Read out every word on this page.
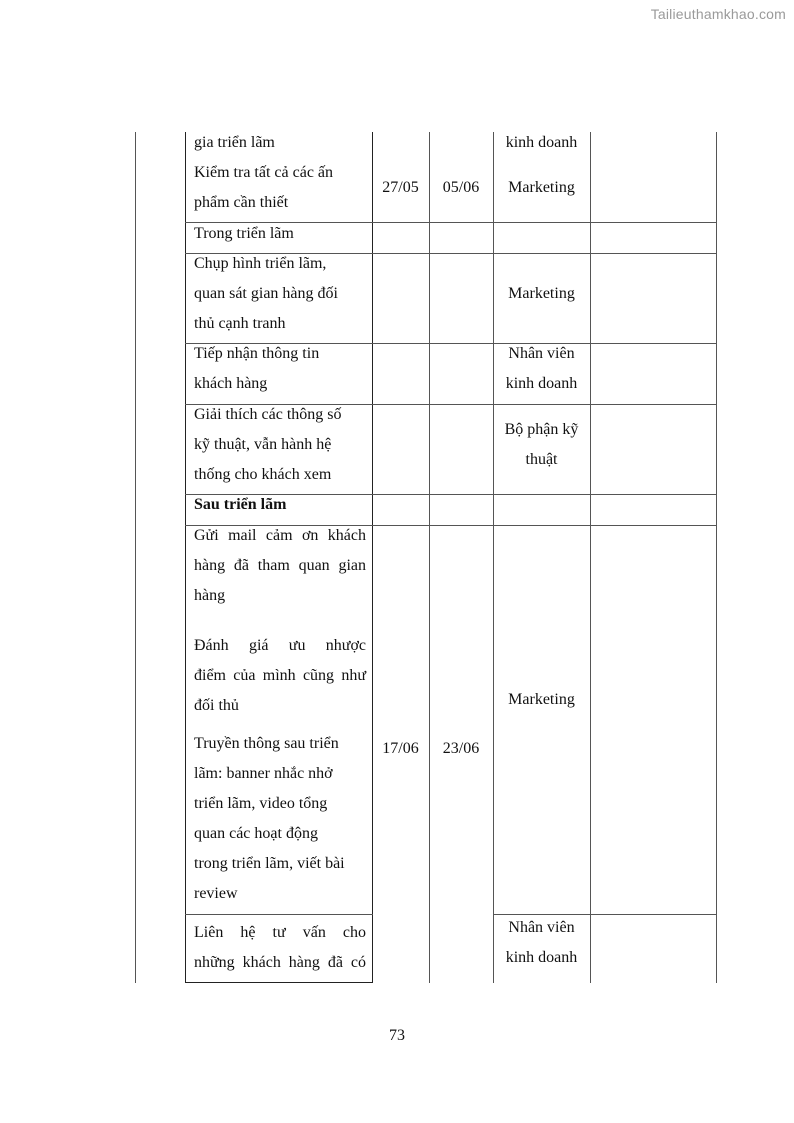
Tailieuthamkhao.com
gia triển lãm
Kiểm tra tất cả các ấn
phẩm cần thiết
27/05	05/06
kinh doanh
Marketing
Trong triển lãm
Chụp hình triển lãm,
quan sát gian hàng đối
thủ cạnh tranh
Marketing
Tiếp nhận thông tin
khách hàng
Nhân viên
kinh doanh
Giải thích các thông số
kỹ thuật, vẫn hành hệ
thống cho khách xem
Bộ phận kỹ
thuật
Sau triển lãm
Gửi mail cảm ơn khách
hàng đã tham quan gian
hàng
Đánh giá ưu nhược
điểm của mình cũng như
đối thủ
Truyền thông sau triển
lãm: banner nhắc nhở
triển lãm, video tổng
quan các hoạt động
trong triển lãm, viết bài
review
17/06	23/06
Marketing
Liên hệ tư vấn cho
những khách hàng đã có
Nhân viên
kinh doanh
73
